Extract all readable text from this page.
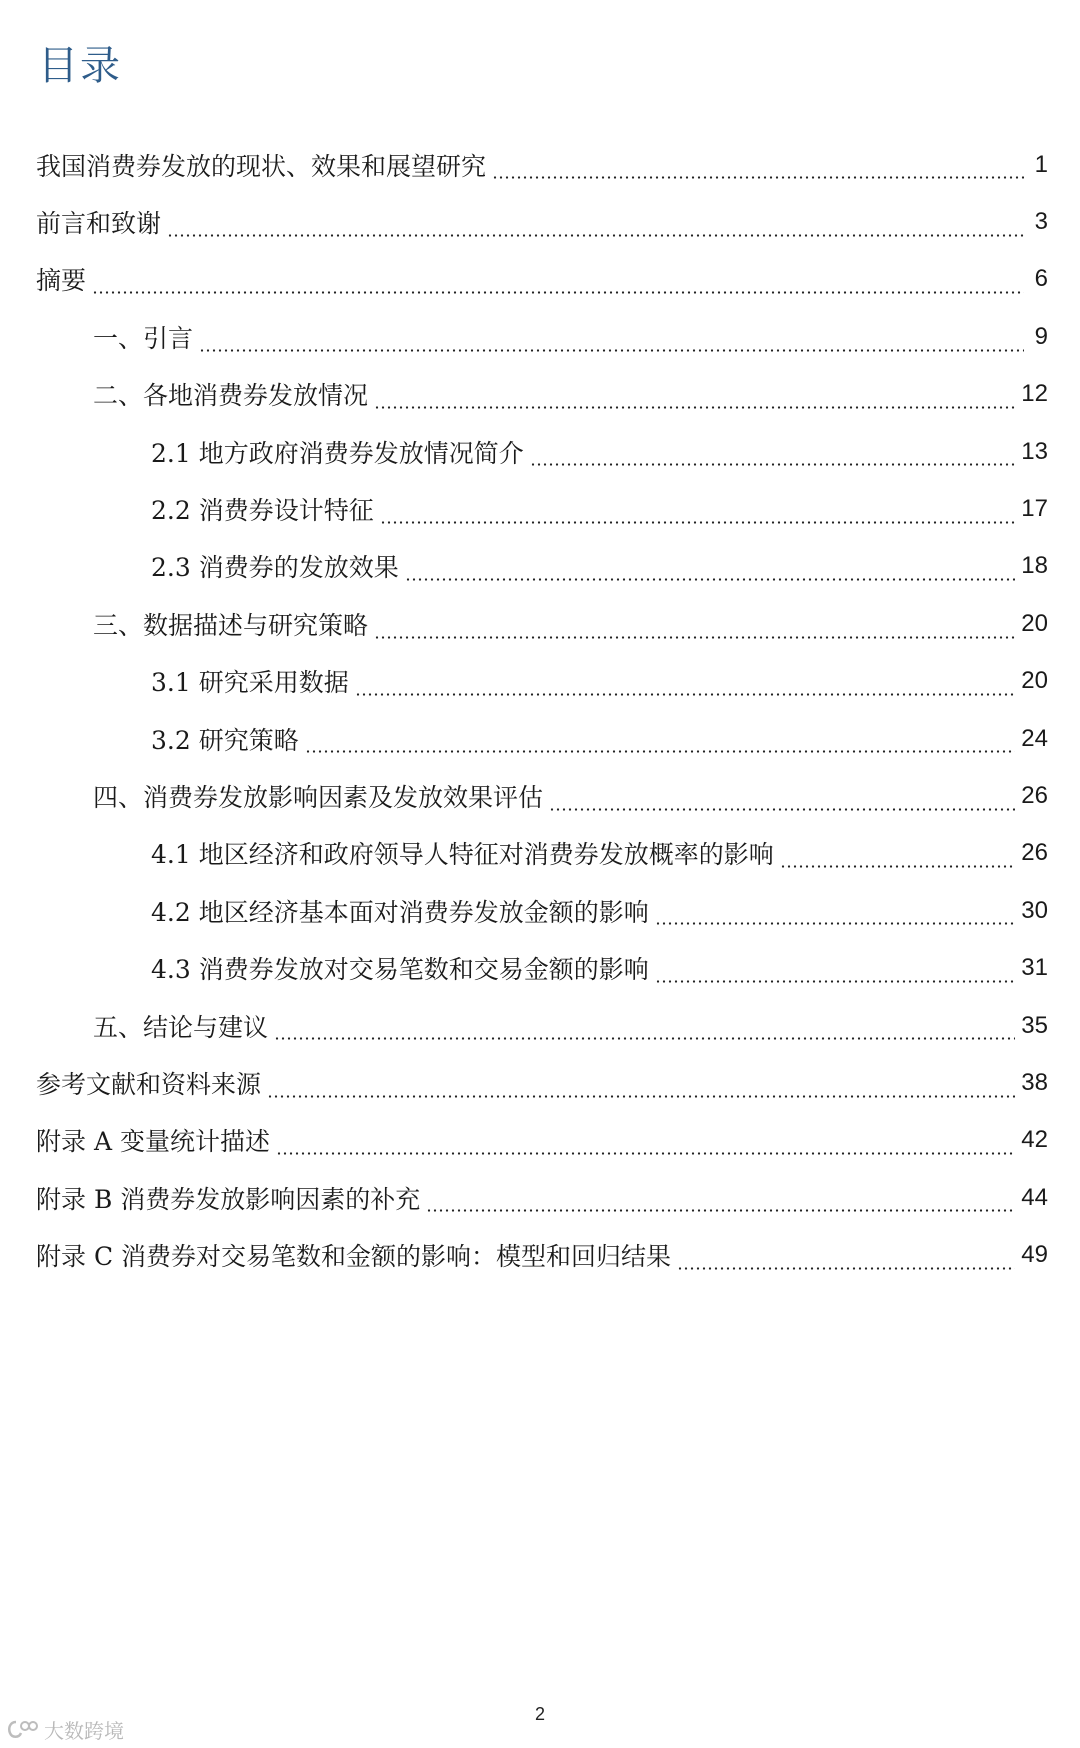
目录
我国消费券发放的现状、效果和展望研究	1
前言和致谢	3
摘要	6
一、引言	9
二、各地消费券发放情况	12
2.1 地方政府消费券发放情况简介	13
2.2 消费券设计特征	17
2.3 消费券的发放效果	18
三、数据描述与研究策略	20
3.1 研究采用数据	20
3.2 研究策略	24
四、消费券发放影响因素及发放效果评估	26
4.1 地区经济和政府领导人特征对消费券发放概率的影响	26
4.2 地区经济基本面对消费券发放金额的影响	30
4.3 消费券发放对交易笔数和交易金额的影响	31
五、结论与建议	35
参考文献和资料来源	38
附录 A 变量统计描述	42
附录 B 消费券发放影响因素的补充	44
附录 C 消费券对交易笔数和金额的影响：模型和回归结果	49
大数跨境
2
